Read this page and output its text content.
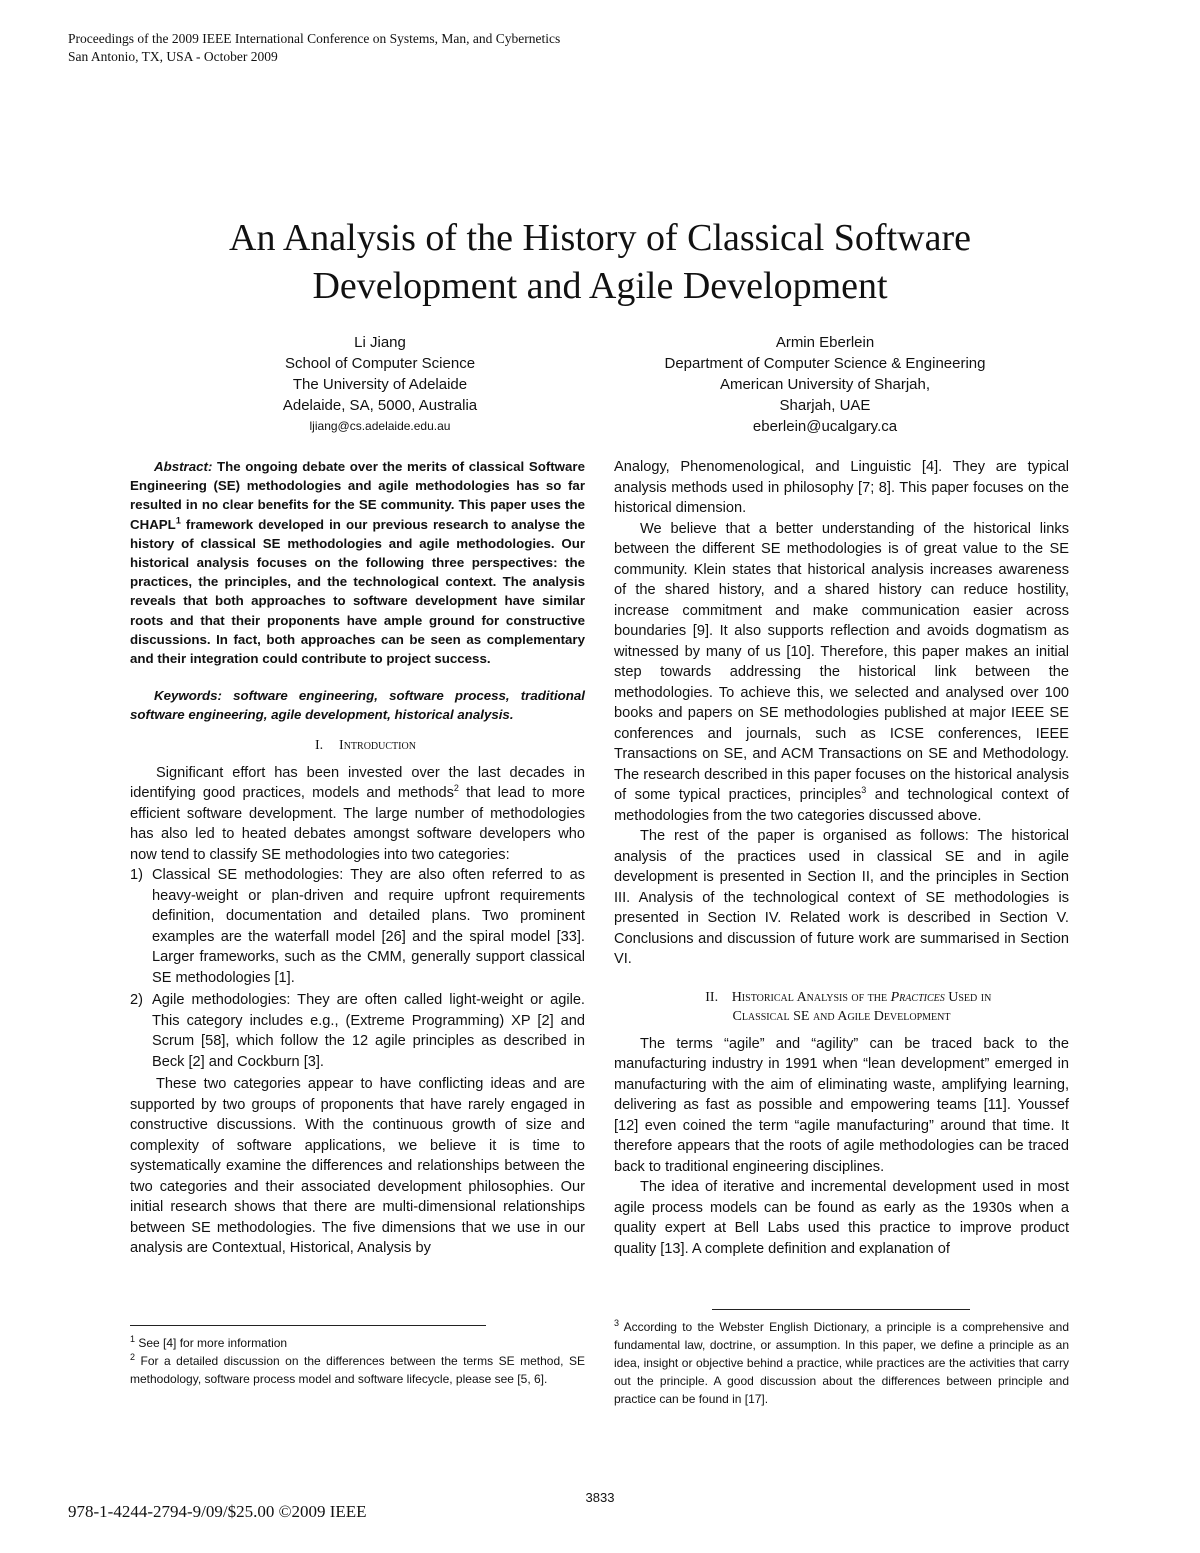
Proceedings of the 2009 IEEE International Conference on Systems, Man, and Cybernetics
San Antonio, TX, USA - October 2009
An Analysis of the History of Classical Software
Development and Agile Development
Li Jiang
School of Computer Science
The University of Adelaide
Adelaide, SA, 5000, Australia
ljiang@cs.adelaide.edu.au
Armin Eberlein
Department of Computer Science & Engineering
American University of Sharjah,
Sharjah, UAE
eberlein@ucalgary.ca

Abstract: The ongoing debate over the merits of classical Software Engineering (SE) methodologies and agile methodologies has so far resulted in no clear benefits for the SE community. This paper uses the CHAPL$^1$ framework developed in our previous research to analyse the history of classical SE methodologies and agile methodologies. Our historical analysis focuses on the following three perspectives: the practices, the principles, and the technological context. The analysis reveals that both approaches to software development have similar roots and that their proponents have ample ground for constructive discussions. In fact, both approaches can be seen as complementary and their integration could contribute to project success.

Keywords: software engineering, software process, traditional software engineering, agile development, historical analysis.

I. Introduction

Significant effort has been invested over the last decades in identifying good practices, models and methods$^2$ that lead to more efficient software development. The large number of methodologies has also led to heated debates amongst software developers who now tend to classify SE methodologies into two categories:

1) Classical SE methodologies: They are also often referred to as heavy-weight or plan-driven and require upfront requirements definition, documentation and detailed plans. Two prominent examples are the waterfall model [26] and the spiral model [33]. Larger frameworks, such as the CMM, generally support classical SE methodologies [1].
2) Agile methodologies: They are often called light-weight or agile. This category includes e.g., (Extreme Programming) XP [2] and Scrum [58], which follow the 12 agile principles as described in Beck [2] and Cockburn [3].

These two categories appear to have conflicting ideas and are supported by two groups of proponents that have rarely engaged in constructive discussions. With the continuous growth of size and complexity of software applications, we believe it is time to systematically examine the differences and relationships between the two categories and their associated development philosophies. Our initial research shows that there are multi-dimensional relationships between SE methodologies. The five dimensions that we use in our analysis are Contextual, Historical, Analysis by

Analogy, Phenomenological, and Linguistic [4]. They are typical analysis methods used in philosophy [7; 8]. This paper focuses on the historical dimension.

We believe that a better understanding of the historical links between the different SE methodologies is of great value to the SE community. Klein states that historical analysis increases awareness of the shared history, and a shared history can reduce hostility, increase commitment and make communication easier across boundaries [9]. It also supports reflection and avoids dogmatism as witnessed by many of us [10]. Therefore, this paper makes an initial step towards addressing the historical link between the methodologies. To achieve this, we selected and analysed over 100 books and papers on SE methodologies published at major IEEE SE conferences and journals, such as ICSE conferences, IEEE Transactions on SE, and ACM Transactions on SE and Methodology. The research described in this paper focuses on the historical analysis of some typical practices, principles$^3$ and technological context of methodologies from the two categories discussed above.

The rest of the paper is organised as follows: The historical analysis of the practices used in classical SE and in agile development is presented in Section II, and the principles in Section III. Analysis of the technological context of SE methodologies is presented in Section IV. Related work is described in Section V. Conclusions and discussion of future work are summarised in Section VI.

II. Historical Analysis of the Practices Used in
Classical SE and Agile Development

The terms “agile” and “agility” can be traced back to the manufacturing industry in 1991 when “lean development” emerged in manufacturing with the aim of eliminating waste, amplifying learning, delivering as fast as possible and empowering teams [11]. Youssef [12] even coined the term “agile manufacturing” around that time. It therefore appears that the roots of agile methodologies can be traced back to traditional engineering disciplines.

The idea of iterative and incremental development used in most agile process models can be found as early as the 1930s when a quality expert at Bell Labs used this practice to improve product quality [13]. A complete definition and explanation of

$^1$ See [4] for more information

$^2$ For a detailed discussion on the differences between the terms SE method, SE methodology, software process model and software lifecycle, please see [5, 6].

$^3$ According to the Webster English Dictionary, a principle is a comprehensive and fundamental law, doctrine, or assumption. In this paper, we define a principle as an idea, insight or objective behind a practice, while practices are the activities that carry out the principle. A good discussion about the differences between principle and practice can be found in [17].

3833
978-1-4244-2794-9/09/$25.00 ©2009 IEEE
